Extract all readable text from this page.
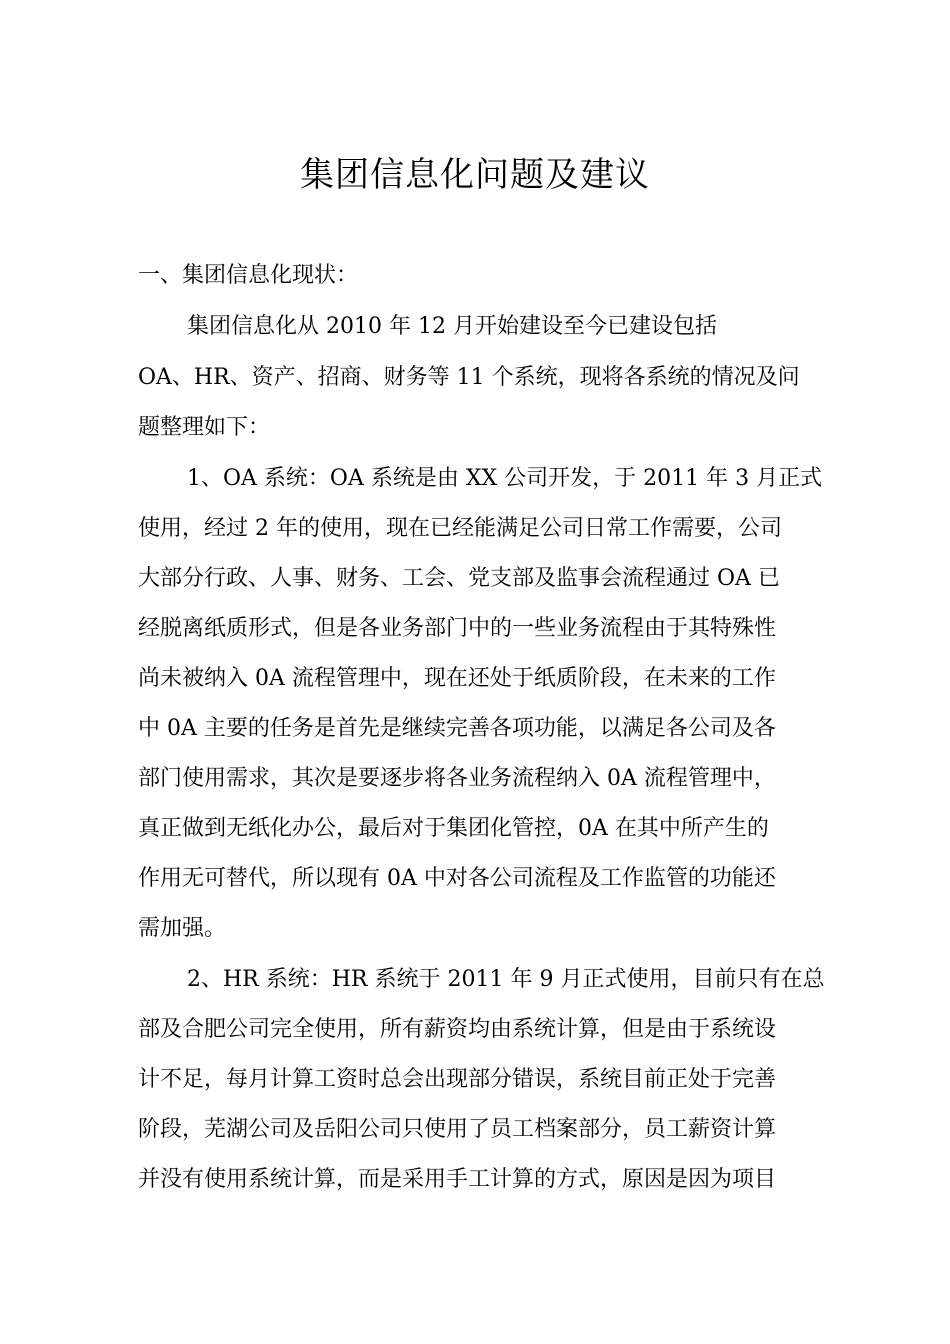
集团信息化问题及建议

一、集团信息化现状：

集团信息化从 2010 年 12 月开始建设至今已建设包括

OA、HR、资产、招商、财务等 11 个系统，现将各系统的情况及问

题整理如下：

1、OA 系统：OA 系统是由 XX 公司开发，于 2011 年 3 月正式

使用，经过 2 年的使用，现在已经能满足公司日常工作需要，公司

大部分行政、人事、财务、工会、党支部及监事会流程通过 OA 已

经脱离纸质形式，但是各业务部门中的一些业务流程由于其特殊性

尚未被纳入 0A 流程管理中，现在还处于纸质阶段，在未来的工作

中 0A 主要的任务是首先是继续完善各项功能，以满足各公司及各

部门使用需求，其次是要逐步将各业务流程纳入 0A 流程管理中，

真正做到无纸化办公，最后对于集团化管控，0A 在其中所产生的

作用无可替代，所以现有 0A 中对各公司流程及工作监管的功能还

需加强。

2、HR 系统：HR 系统于 2011 年 9 月正式使用，目前只有在总

部及合肥公司完全使用，所有薪资均由系统计算，但是由于系统设

计不足，每月计算工资时总会出现部分错误，系统目前正处于完善

阶段，芜湖公司及岳阳公司只使用了员工档案部分，员工薪资计算

并没有使用系统计算，而是采用手工计算的方式，原因是因为项目
